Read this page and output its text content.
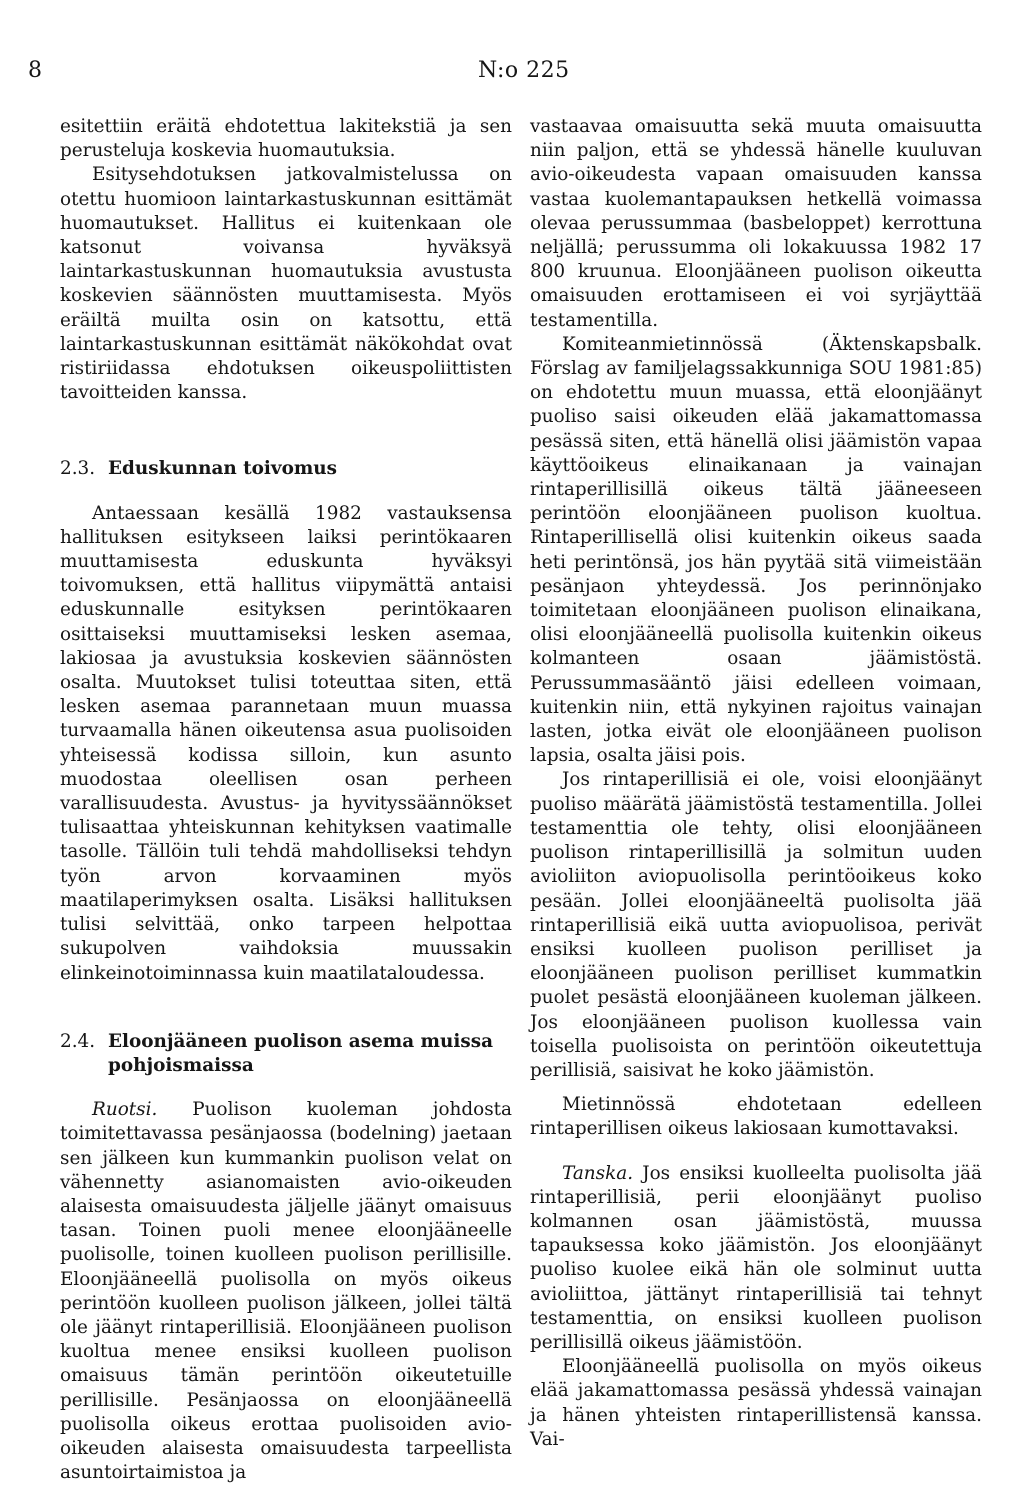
8	N:o 225

esitettiin eräitä ehdotettua lakitekstiä ja sen perusteluja koskevia huomautuksia.

Esitysehdotuksen jatkovalmistelussa on otettu huomioon laintarkastuskunnan esittämät huomautukset. Hallitus ei kuitenkaan ole katsonut voivansa hyväksyä laintarkastuskunnan huomautuksia avustusta koskevien säännösten muuttamisesta. Myös eräiltä muilta osin on katsottu, että laintarkastuskunnan esittämät näkökohdat ovat ristiriidassa ehdotuksen oikeuspoliittisten tavoitteiden kanssa.

2.3. Eduskunnan toivomus

Antaessaan kesällä 1982 vastauksensa hallituksen esitykseen laiksi perintökaaren muuttamisesta eduskunta hyväksyi toivomuksen, että hallitus viipymättä antaisi eduskunnalle esityksen perintökaaren osittaiseksi muuttamiseksi lesken asemaa, lakiosaa ja avustuksia koskevien säännösten osalta. Muutokset tulisi toteuttaa siten, että lesken asemaa parannetaan muun muassa turvaamalla hänen oikeutensa asua puolisoiden yhteisessä kodissa silloin, kun asunto muodostaa oleellisen osan perheen varallisuudesta. Avustus- ja hyvityssäännökset tulisaattaa yhteiskunnan kehityksen vaatimalle tasolle. Tällöin tuli tehdä mahdolliseksi tehdyn työn arvon korvaaminen myös maatilaperimyksen osalta. Lisäksi hallituksen tulisi selvittää, onko tarpeen helpottaa sukupolven vaihdoksia muussakin elinkeinotoiminnassa kuin maatilataloudessa.

2.4. Eloonjääneen puolison asema muissa pohjoismaissa

Ruotsi. Puolison kuoleman johdosta toimitettavassa pesänjaossa (bodelning) jaetaan sen jälkeen kun kummankin puolison velat on vähennetty asianomaisten avio-oikeuden alaisesta omaisuudesta jäljelle jäänyt omaisuus tasan. Toinen puoli menee eloonjääneelle puolisolle, toinen kuolleen puolison perillisille. Eloonjääneellä puolisolla on myös oikeus perintöön kuolleen puolison jälkeen, jollei tältä ole jäänyt rintaperillisiä. Eloonjääneen puolison kuoltua menee ensiksi kuolleen puolison omaisuus tämän perintöön oikeutetuille perillisille. Pesänjaossa on eloonjääneellä puolisolla oikeus erottaa puolisoiden avio-oikeuden alaisesta omaisuudesta tarpeellista asuntoirtaimistoa ja

vastaavaa omaisuutta sekä muuta omaisuutta niin paljon, että se yhdessä hänelle kuuluvan avio-oikeudesta vapaan omaisuuden kanssa vastaa kuolemantapauksen hetkellä voimassa olevaa perussummaa (basbeloppet) kerrottuna neljällä; perussumma oli lokakuussa 1982 17 800 kruunua. Eloonjääneen puolison oikeutta omaisuuden erottamiseen ei voi syrjäyttää testamentilla.

Komiteanmietinnössä (Äktenskapsbalk. Förslag av familjelagssakkunniga SOU 1981:85) on ehdotettu muun muassa, että eloonjäänyt puoliso saisi oikeuden elää jakamattomassa pesässä siten, että hänellä olisi jäämistön vapaa käyttöoikeus elinaikanaan ja vainajan rintaperillisillä oikeus tältä jääneeseen perintöön eloonjääneen puolison kuoltua. Rintaperillisellä olisi kuitenkin oikeus saada heti perintönsä, jos hän pyytää sitä viimeistään pesänjaon yhteydessä. Jos perinnönjako toimitetaan eloonjääneen puolison elinaikana, olisi eloonjääneellä puolisolla kuitenkin oikeus kolmanteen osaan jäämistöstä. Perussummasääntö jäisi edelleen voimaan, kuitenkin niin, että nykyinen rajoitus vainajan lasten, jotka eivät ole eloonjääneen puolison lapsia, osalta jäisi pois.

Jos rintaperillisiä ei ole, voisi eloonjäänyt puoliso määrätä jäämistöstä testamentilla. Jollei testamenttia ole tehty, olisi eloonjääneen puolison rintaperillisillä ja solmitun uuden avioliiton aviopuolisolla perintöoikeus koko pesään. Jollei eloonjääneeltä puolisolta jää rintaperillisiä eikä uutta aviopuolisoa, perivät ensiksi kuolleen puolison perilliset ja eloonjääneen puolison perilliset kummatkin puolet pesästä eloonjääneen kuoleman jälkeen. Jos eloonjääneen puolison kuollessa vain toisella puolisoista on perintöön oikeutettuja perillisiä, saisivat he koko jäämistön.

Mietinnössä ehdotetaan edelleen rintaperillisen oikeus lakiosaan kumottavaksi.

Tanska. Jos ensiksi kuolleelta puolisolta jää rintaperillisiä, perii eloonjäänyt puoliso kolmannen osan jäämistöstä, muussa tapauksessa koko jäämistön. Jos eloonjäänyt puoliso kuolee eikä hän ole solminut uutta avioliittoa, jättänyt rintaperillisiä tai tehnyt testamenttia, on ensiksi kuolleen puolison perillisillä oikeus jäämistöön.

Eloonjääneellä puolisolla on myös oikeus elää jakamattomassa pesässä yhdessä vainajan ja hänen yhteisten rintaperillistensä kanssa. Vai-
